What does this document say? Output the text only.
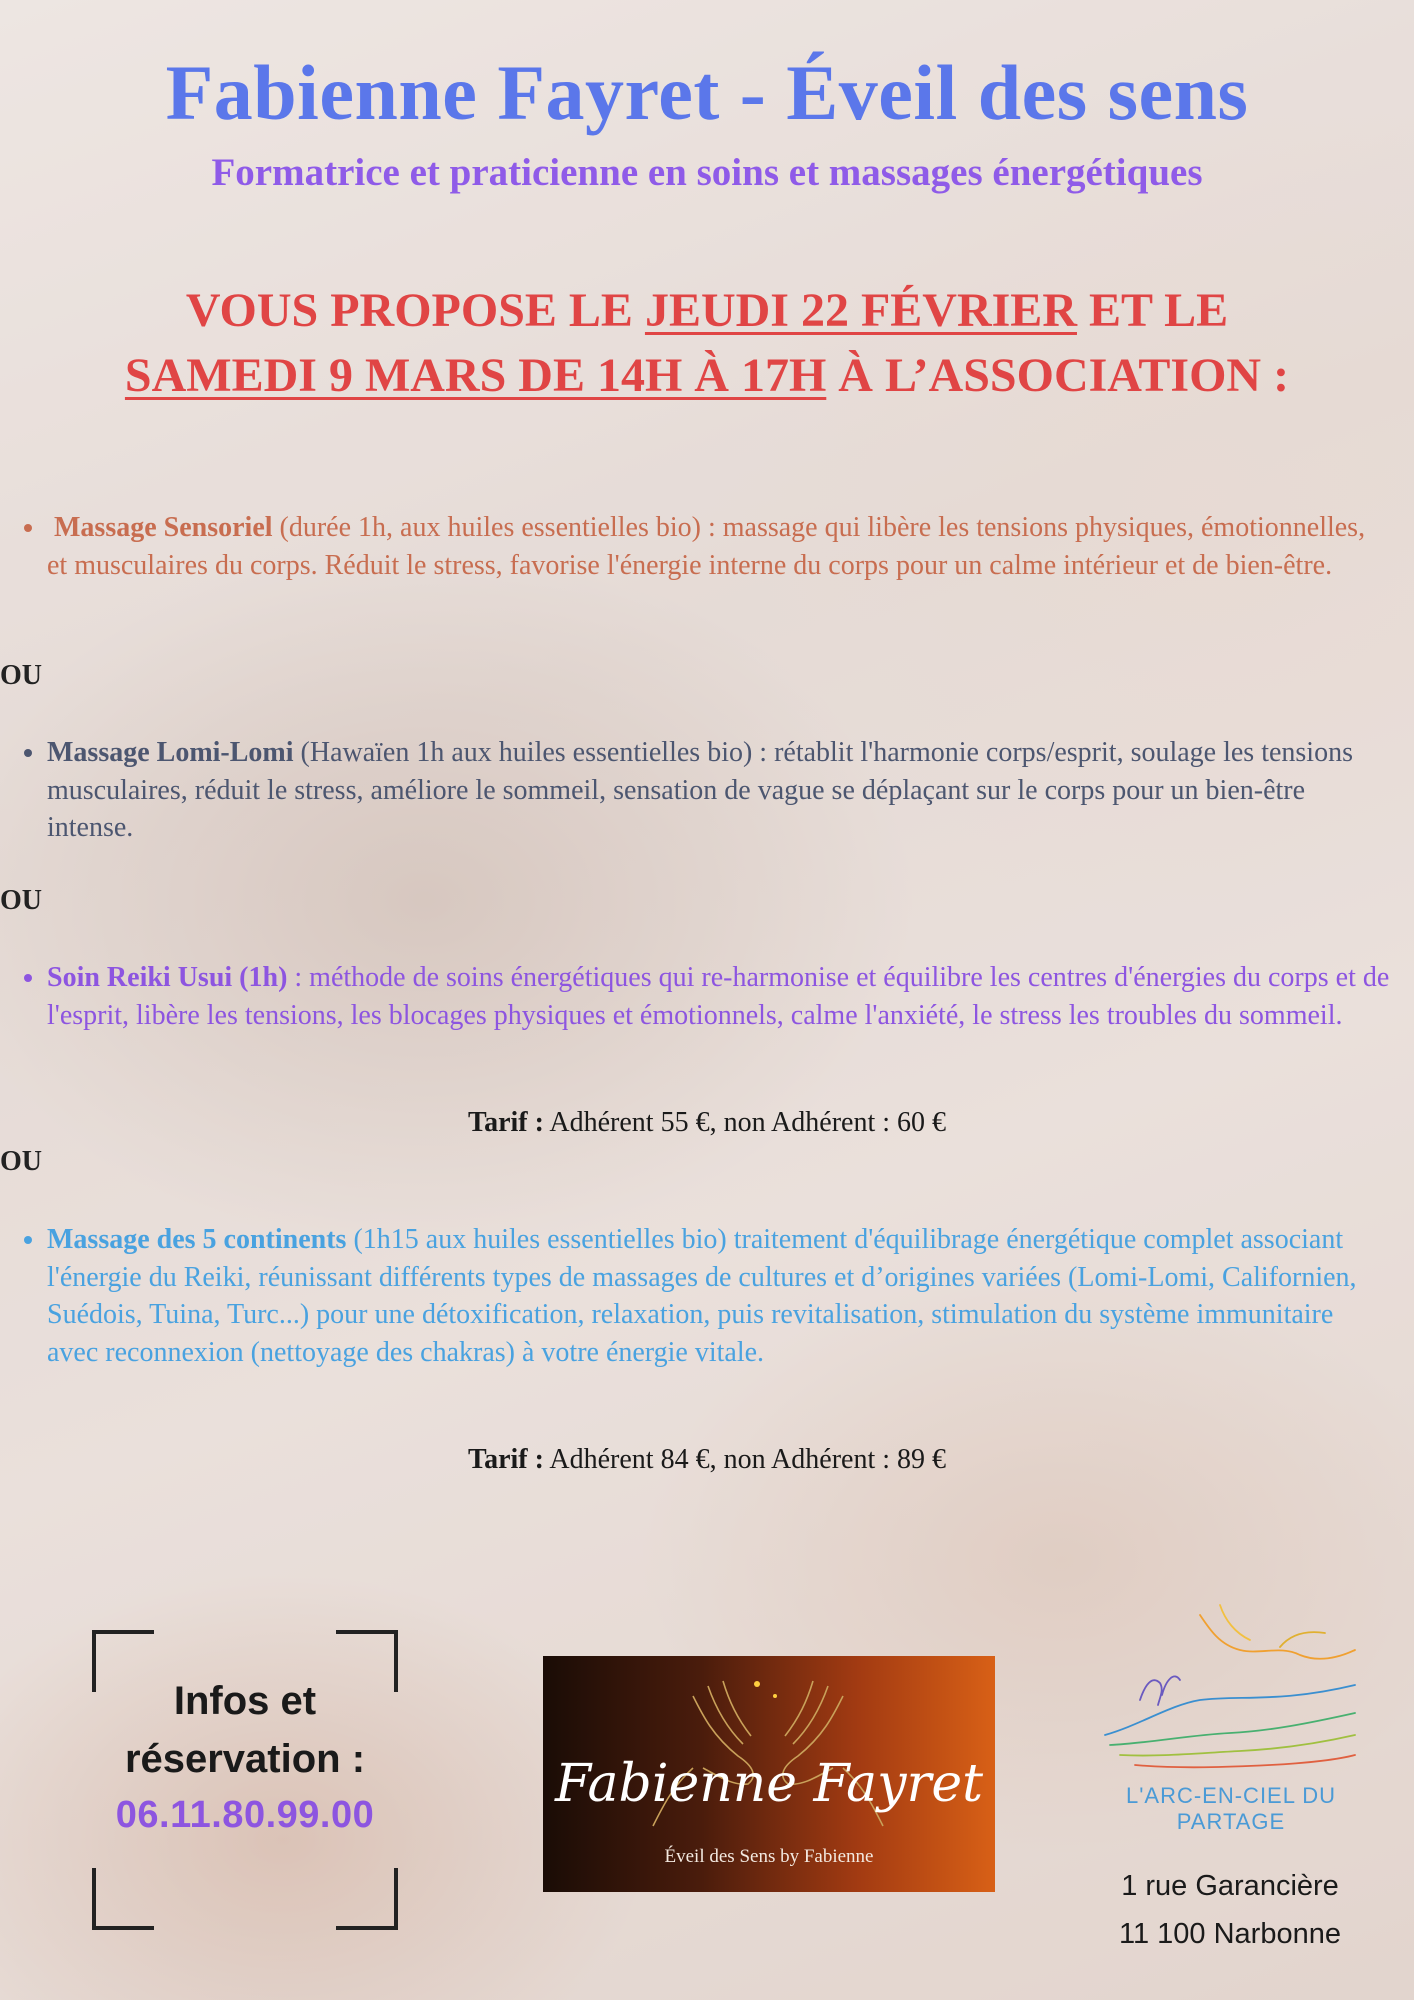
Fabienne Fayret - Éveil des sens
Formatrice et praticienne en soins et massages énergétiques
VOUS PROPOSE LE JEUDI 22 FÉVRIER ET LE
SAMEDI 9 MARS DE 14H À 17H À L’ASSOCIATION :
• Massage Sensoriel (durée 1h, aux huiles essentielles bio) : massage qui libère les tensions physiques, émotionnelles, et musculaires du corps. Réduit le stress, favorise l'énergie interne du corps pour un calme intérieur et de bien-être.
OU
• Massage Lomi-Lomi (Hawaïen 1h aux huiles essentielles bio) : rétablit l'harmonie corps/esprit, soulage les tensions musculaires, réduit le stress, améliore le sommeil, sensation de vague se déplaçant sur le corps pour un bien-être intense.
OU
• Soin Reiki Usui (1h) : méthode de soins énergétiques qui re-harmonise et équilibre les centres d'énergies du corps et de l'esprit, libère les tensions, les blocages physiques et émotionnels, calme l'anxiété, le stress les troubles du sommeil.
Tarif : Adhérent 55 €, non Adhérent : 60 €
OU
• Massage des 5 continents (1h15 aux huiles essentielles bio) traitement d'équilibrage énergétique complet associant l'énergie du Reiki, réunissant différents types de massages de cultures et d’origines variées (Lomi-Lomi, Californien, Suédois, Tuina, Turc...) pour une détoxification, relaxation, puis revitalisation, stimulation du système immunitaire avec reconnexion (nettoyage des chakras) à votre énergie vitale.
Tarif : Adhérent 84 €, non Adhérent : 89 €
Infos et
réservation :
06.11.80.99.00
Fabienne Fayret
Éveil des Sens by Fabienne
L'ARC-EN-CIEL DU PARTAGE
1 rue Garancière
11 100 Narbonne
